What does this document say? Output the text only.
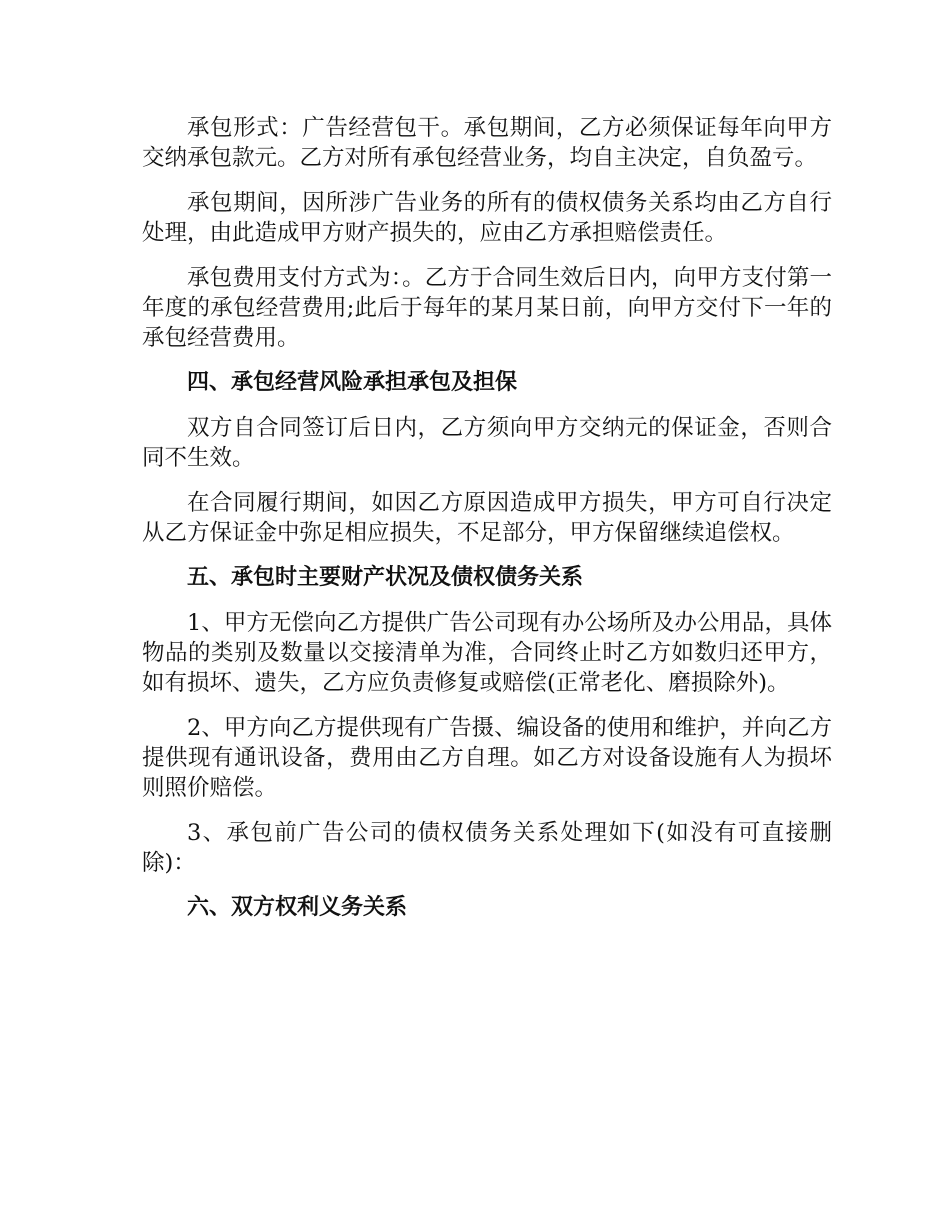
承包形式：广告经营包干。承包期间，乙方必须保证每年向甲方交纳承包款元。乙方对所有承包经营业务，均自主决定，自负盈亏。

承包期间，因所涉广告业务的所有的债权债务关系均由乙方自行处理，由此造成甲方财产损失的，应由乙方承担赔偿责任。

承包费用支付方式为：。乙方于合同生效后日内，向甲方支付第一年度的承包经营费用;此后于每年的某月某日前，向甲方交付下一年的承包经营费用。

四、承包经营风险承担承包及担保

双方自合同签订后日内，乙方须向甲方交纳元的保证金，否则合同不生效。

在合同履行期间，如因乙方原因造成甲方损失，甲方可自行决定从乙方保证金中弥足相应损失，不足部分，甲方保留继续追偿权。

五、承包时主要财产状况及债权债务关系

1、甲方无偿向乙方提供广告公司现有办公场所及办公用品，具体物品的类别及数量以交接清单为准，合同终止时乙方如数归还甲方，如有损坏、遗失，乙方应负责修复或赔偿(正常老化、磨损除外)。

2、甲方向乙方提供现有广告摄、编设备的使用和维护，并向乙方提供现有通讯设备，费用由乙方自理。如乙方对设备设施有人为损坏则照价赔偿。

3、承包前广告公司的债权债务关系处理如下(如没有可直接删除)：

六、双方权利义务关系
